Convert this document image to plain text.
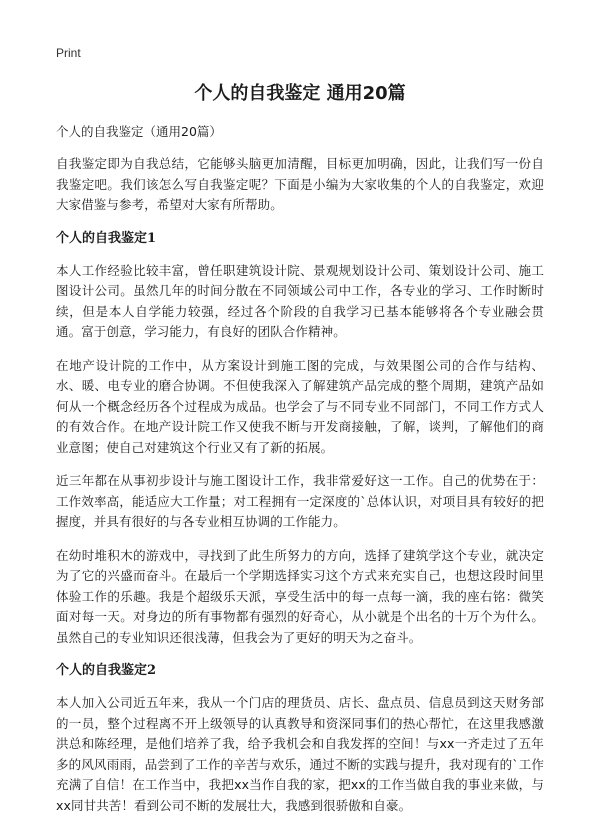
Print
个人的自我鉴定 通用20篇
个人的自我鉴定（通用20篇）

自我鉴定即为自我总结，它能够头脑更加清醒，目标更加明确，因此，让我们写一份自我鉴定吧。我们该怎么写自我鉴定呢？下面是小编为大家收集的个人的自我鉴定，欢迎大家借鉴与参考，希望对大家有所帮助。

个人的自我鉴定1

本人工作经验比较丰富，曾任职建筑设计院、景观规划设计公司、策划设计公司、施工图设计公司。虽然几年的时间分散在不同领域公司中工作，各专业的学习、工作时断时续，但是本人自学能力较强，经过各个阶段的自我学习已基本能够将各个专业融会贯通。富于创意，学习能力，有良好的团队合作精神。

在地产设计院的工作中，从方案设计到施工图的完成，与效果图公司的合作与结构、水、暖、电专业的磨合协调。不但使我深入了解建筑产品完成的整个周期，建筑产品如何从一个概念经历各个过程成为成品。也学会了与不同专业不同部门，不同工作方式人的有效合作。在地产设计院工作又使我不断与开发商接触，了解，谈判，了解他们的商业意图；使自己对建筑这个行业又有了新的拓展。

近三年都在从事初步设计与施工图设计工作，我非常爱好这一工作。自己的优势在于：工作效率高，能适应大工作量；对工程拥有一定深度的`总体认识，对项目具有较好的把握度，并具有很好的与各专业相互协调的工作能力。

在幼时堆积木的游戏中，寻找到了此生所努力的方向，选择了建筑学这个专业，就决定为了它的兴盛而奋斗。在最后一个学期选择实习这个方式来充实自己，也想这段时间里体验工作的乐趣。我是个超级乐天派，享受生活中的每一点每一滴，我的座右铭：微笑面对每一天。对身边的所有事物都有强烈的好奇心，从小就是个出名的十万个为什么。虽然自己的专业知识还很浅薄，但我会为了更好的明天为之奋斗。

个人的自我鉴定2

本人加入公司近五年来，我从一个门店的理货员、店长、盘点员、信息员到这天财务部的一员，整个过程离不开上级领导的认真教导和资深同事们的热心帮忙，在这里我感激洪总和陈经理，是他们培养了我，给予我机会和自我发挥的空间！与xx一齐走过了五年多的风风雨雨，品尝到了工作的辛苦与欢乐，通过不断的实践与提升，我对现有的`工作充满了自信！在工作当中，我把xx当作自我的家，把xx的工作当做自我的事业来做，与xx同甘共苦！看到公司不断的发展壮大，我感到很骄傲和自豪。
